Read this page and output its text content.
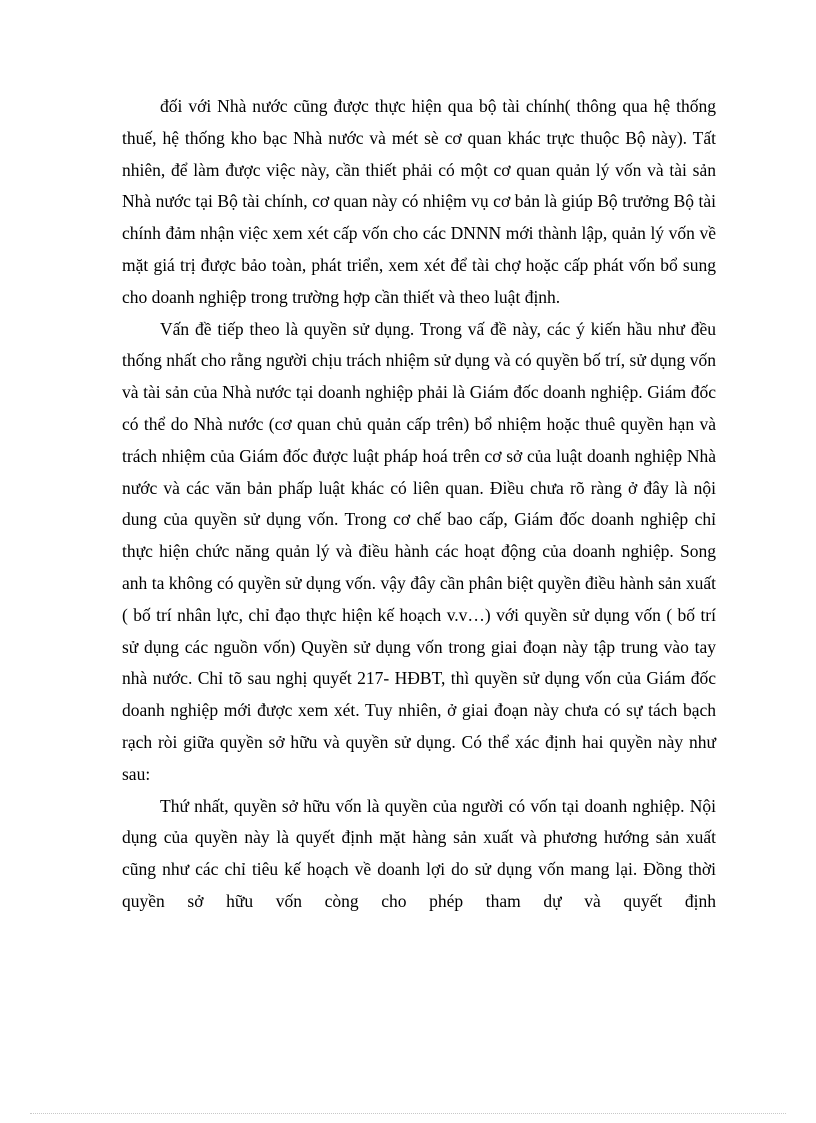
đối với Nhà nước cũng được thực hiện qua bộ tài chính( thông qua hệ thống thuế, hệ thống kho bạc Nhà nước và mét sè cơ quan khác trực thuộc Bộ này). Tất nhiên, để làm được việc này, cần thiết phải có một cơ quan quản lý vốn và tài sản Nhà nước tại Bộ tài chính, cơ quan này có nhiệm vụ cơ bản là giúp Bộ trưởng Bộ tài chính đảm nhận việc xem xét cấp vốn cho các DNNN mới thành lập, quản lý vốn về mặt giá trị được bảo toàn, phát triển, xem xét để tài chợ hoặc cấp phát vốn bổ sung cho doanh nghiệp trong trường hợp cần thiết và theo luật định.

Vấn đề tiếp theo là quyền sử dụng. Trong vấ đề này, các ý kiến hầu như đều thống nhất cho rằng người chịu trách nhiệm sử dụng và có quyền bố trí, sử dụng vốn và tài sản của Nhà nước tại doanh nghiệp phải là Giám đốc doanh nghiệp. Giám đốc có thể do Nhà nước (cơ quan chủ quản cấp trên) bổ nhiệm hoặc thuê quyền hạn và trách nhiệm của Giám đốc được luật pháp hoá trên cơ sở của luật doanh nghiệp Nhà nước và các văn bản phấp luật khác có liên quan. Điều chưa rõ ràng ở đây là nội dung của quyền sử dụng vốn. Trong cơ chế bao cấp, Giám đốc doanh nghiệp chỉ thực hiện chức năng quản lý và điều hành các hoạt động của doanh nghiệp. Song anh ta không có quyền sử dụng vốn. vậy đây cần phân biệt quyền điều hành sản xuất ( bố trí nhân lực, chỉ đạo thực hiện kế hoạch v.v…) với quyền sử dụng vốn ( bố trí sử dụng các nguồn vốn) Quyền sử dụng vốn trong giai đoạn này tập trung vào tay nhà nước. Chỉ tõ sau nghị quyết 217- HĐBT, thì quyền sử dụng vốn của Giám đốc doanh nghiệp mới được xem xét. Tuy nhiên, ở giai đoạn này chưa có sự tách bạch rạch ròi giữa quyền sở hữu và quyền sử dụng. Có thể xác định hai quyền này như sau:

Thứ nhất, quyền sở hữu vốn là quyền của người có vốn tại doanh nghiệp. Nội dụng của quyền này là quyết định mặt hàng sản xuất và phương hướng sản xuất cũng như các chỉ tiêu kế hoạch về doanh lợi do sử dụng vốn mang lại. Đồng thời quyền sở hữu vốn còng cho phép tham dự và quyết định
